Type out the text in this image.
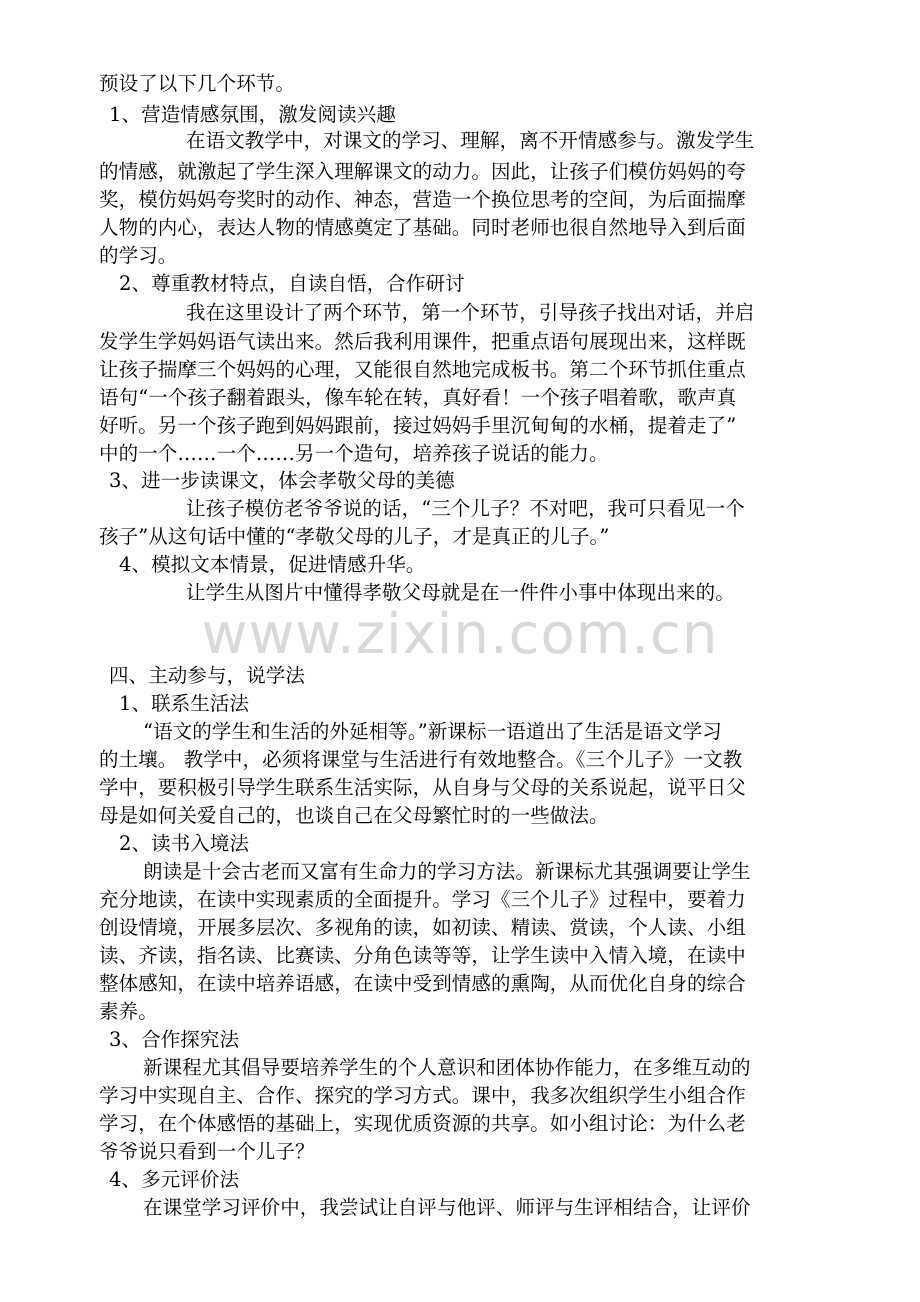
www.zixin.com.cn

预设了以下几个环节。

1、营造情感氛围，激发阅读兴趣

在语文教学中，对课文的学习、理解，离不开情感参与。激发学生

的情感，就激起了学生深入理解课文的动力。因此，让孩子们模仿妈妈的夸

奖，模仿妈妈夸奖时的动作、神态，营造一个换位思考的空间，为后面揣摩

人物的内心，表达人物的情感奠定了基础。同时老师也很自然地导入到后面

的学习。

2、尊重教材特点，自读自悟，合作研讨

我在这里设计了两个环节，第一个环节，引导孩子找出对话，并启

发学生学妈妈语气读出来。然后我利用课件，把重点语句展现出来，这样既

让孩子揣摩三个妈妈的心理，又能很自然地完成板书。第二个环节抓住重点

语句“一个孩子翻着跟头，像车轮在转，真好看！一个孩子唱着歌，歌声真

好听。另一个孩子跑到妈妈跟前，接过妈妈手里沉甸甸的水桶，提着走了”

中的一个……一个……另一个造句，培养孩子说话的能力。

3、进一步读课文，体会孝敬父母的美德

让孩子模仿老爷爷说的话，“三个儿子？不对吧，我可只看见一个

孩子”从这句话中懂的“孝敬父母的儿子，才是真正的儿子。”

4、模拟文本情景，促进情感升华。

让学生从图片中懂得孝敬父母就是在一件件小事中体现出来的。

四、主动参与，说学法

1、联系生活法

“语文的学生和生活的外延相等。”新课标一语道出了生活是语文学习

的土壤。 教学中，必须将课堂与生活进行有效地整合。《三个儿子》一文教

学中，要积极引导学生联系生活实际，从自身与父母的关系说起，说平日父

母是如何关爱自己的，也谈自己在父母繁忙时的一些做法。

2、读书入境法

朗读是十会古老而又富有生命力的学习方法。新课标尤其强调要让学生

充分地读，在读中实现素质的全面提升。学习《三个儿子》过程中，要着力

创设情境，开展多层次、多视角的读，如初读、精读、赏读，个人读、小组

读、齐读，指名读、比赛读、分角色读等等，让学生读中入情入境，在读中

整体感知，在读中培养语感，在读中受到情感的熏陶，从而优化自身的综合

素养。

3、合作探究法

新课程尤其倡导要培养学生的个人意识和团体协作能力，在多维互动的

学习中实现自主、合作、探究的学习方式。课中，我多次组织学生小组合作

学习，在个体感悟的基础上，实现优质资源的共享。如小组讨论：为什么老

爷爷说只看到一个儿子？

4、多元评价法

在课堂学习评价中，我尝试让自评与他评、师评与生评相结合，让评价
